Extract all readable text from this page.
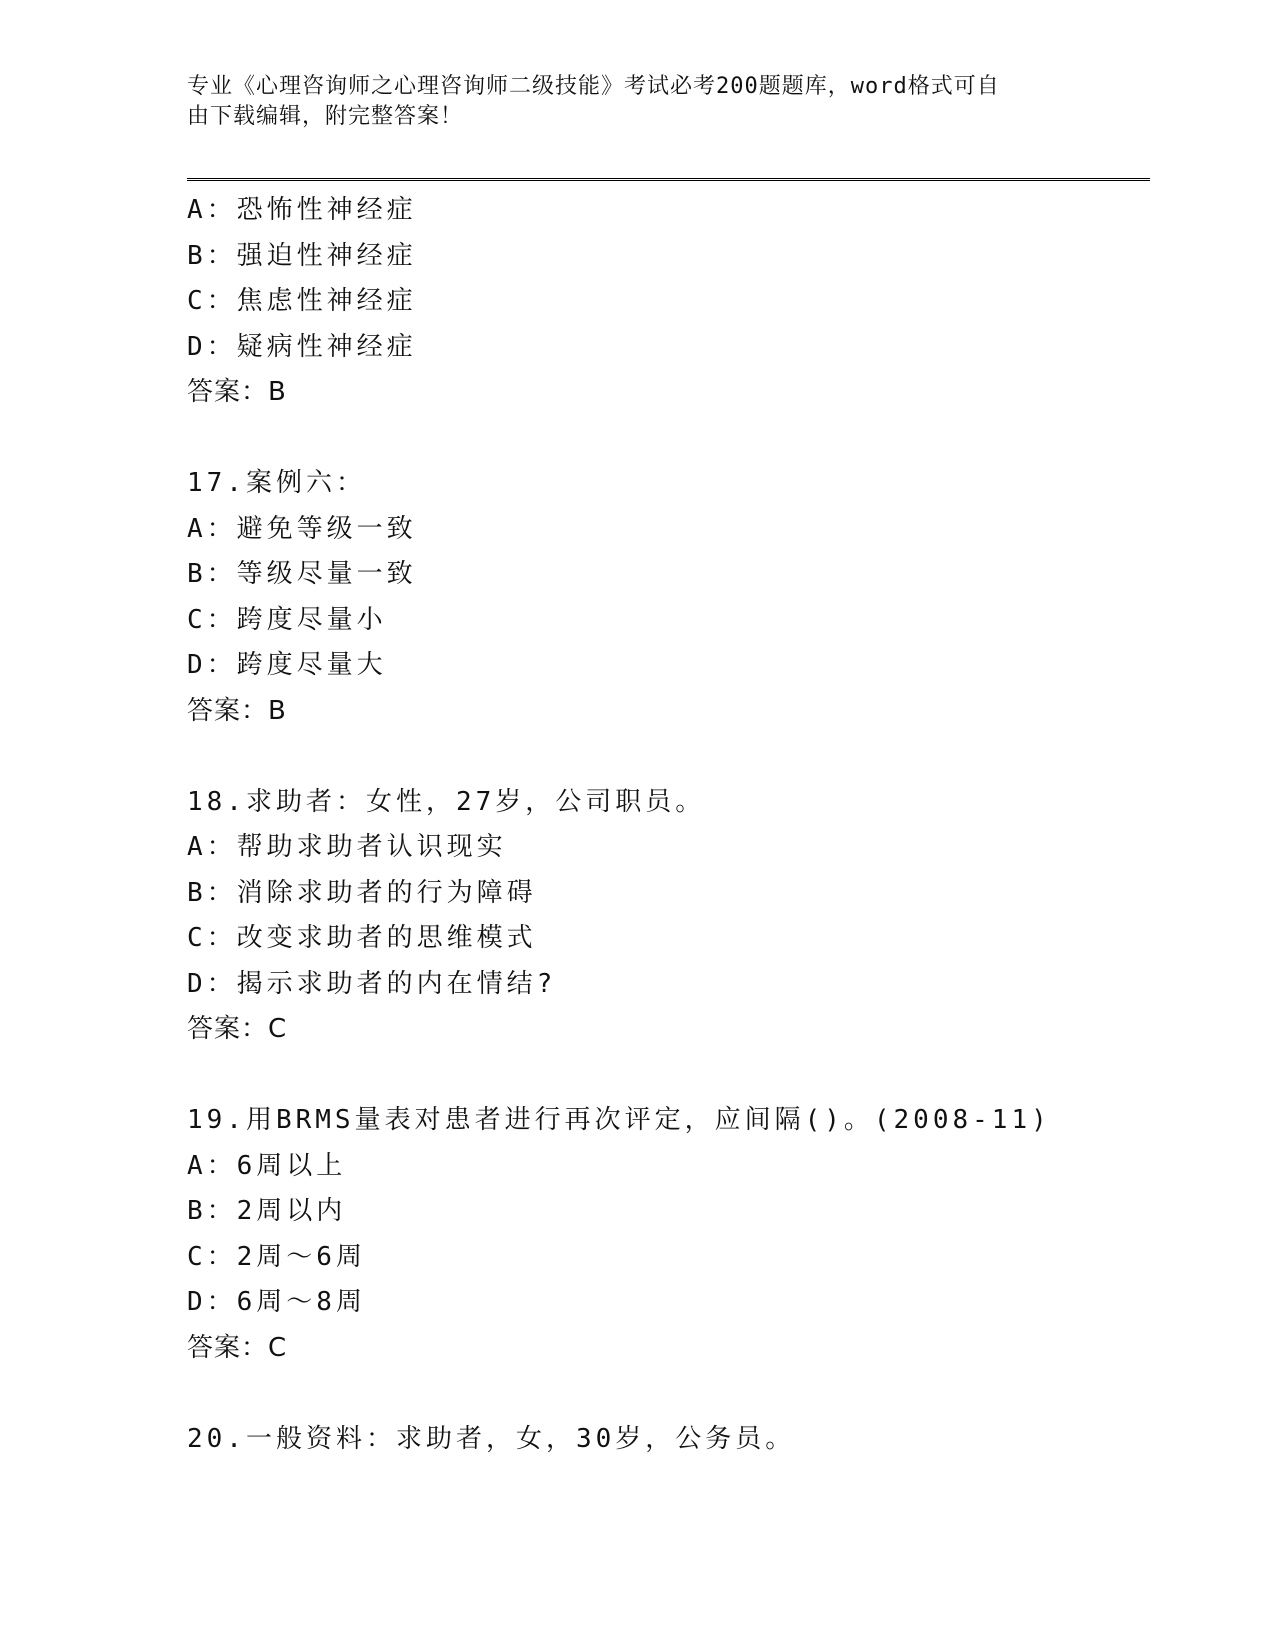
专业《心理咨询师之心理咨询师二级技能》考试必考200题题库，word格式可自
由下载编辑，附完整答案！
A：恐怖性神经症
B：强迫性神经症
C：焦虑性神经症
D：疑病性神经症
答案：B
17.案例六：
A：避免等级一致
B：等级尽量一致
C：跨度尽量小
D：跨度尽量大
答案：B
18.求助者：女性，27岁，公司职员。
A：帮助求助者认识现实
B：消除求助者的行为障碍
C：改变求助者的思维模式
D：揭示求助者的内在情结?
答案：C
19.用BRMS量表对患者进行再次评定，应间隔()。(2008-11)
A：6周以上
B：2周以内
C：2周～6周
D：6周～8周
答案：C
20.一般资料：求助者，女，30岁，公务员。
